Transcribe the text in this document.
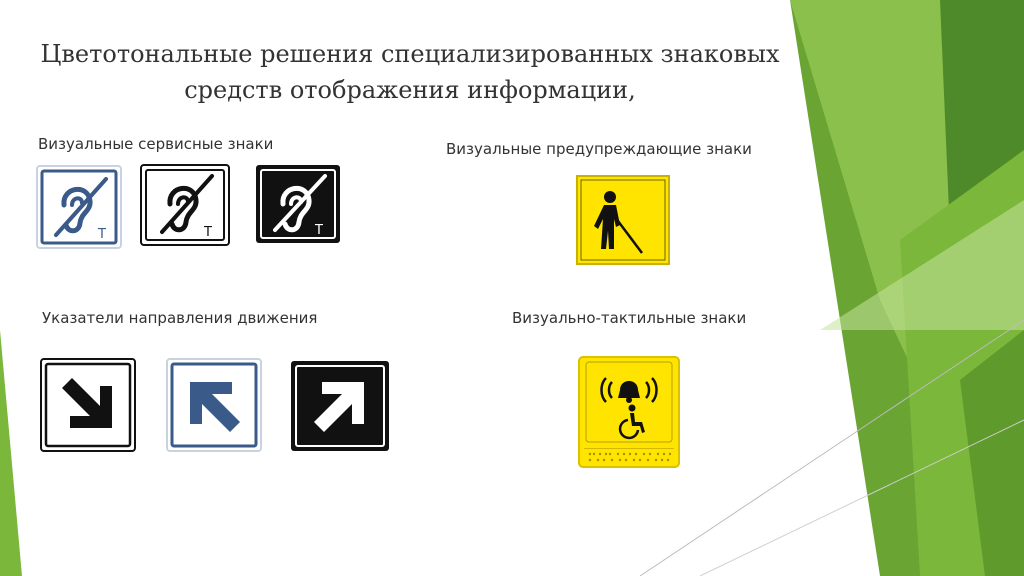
Цветотональные решения специализированных знаковых
средств отображения информации,
Визуальные сервисные знаки	Визуальные предупреждающие знаки
Указатели направления движения	Визуально-тактильные знаки
Т	Т	Т
